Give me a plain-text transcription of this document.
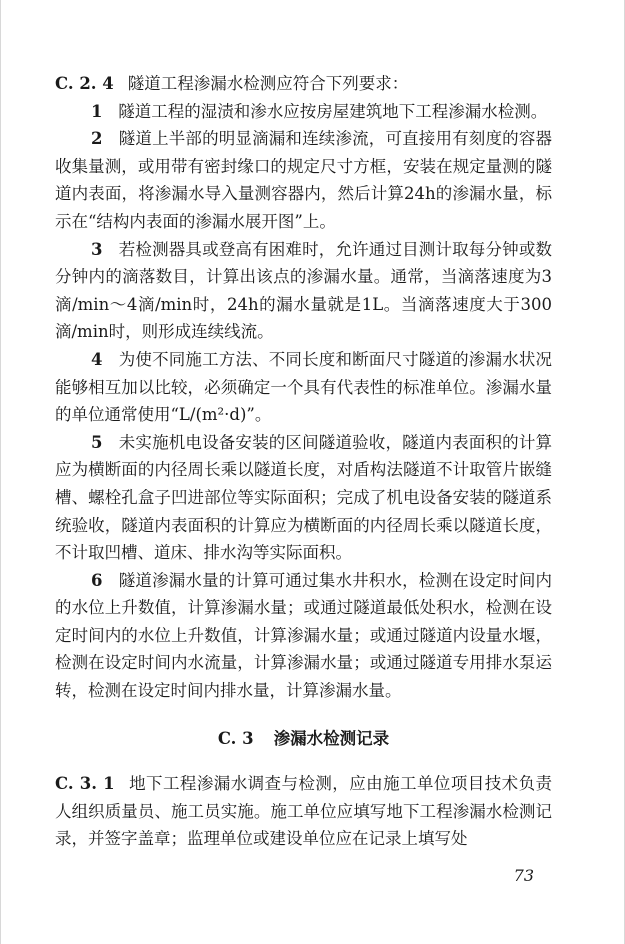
C. 2. 4 隧道工程渗漏水检测应符合下列要求：

1 隧道工程的湿渍和渗水应按房屋建筑地下工程渗漏水检测。

2 隧道上半部的明显滴漏和连续渗流，可直接用有刻度的容器收集量测，或用带有密封缘口的规定尺寸方框，安装在规定量测的隧道内表面，将渗漏水导入量测容器内，然后计算24h的渗漏水量，标示在“结构内表面的渗漏水展开图”上。

3 若检测器具或登高有困难时，允许通过目测计取每分钟或数分钟内的滴落数目，计算出该点的渗漏水量。通常，当滴落速度为3滴/min～4滴/min时，24h的漏水量就是1L。当滴落速度大于300滴/min时，则形成连续线流。

4 为使不同施工方法、不同长度和断面尺寸隧道的渗漏水状况能够相互加以比较，必须确定一个具有代表性的标准单位。渗漏水量的单位通常使用“L/(m²·d)”。

5 未实施机电设备安装的区间隧道验收，隧道内表面积的计算应为横断面的内径周长乘以隧道长度，对盾构法隧道不计取管片嵌缝槽、螺栓孔盒子凹进部位等实际面积；完成了机电设备安装的隧道系统验收，隧道内表面积的计算应为横断面的内径周长乘以隧道长度，不计取凹槽、道床、排水沟等实际面积。

6 隧道渗漏水量的计算可通过集水井积水，检测在设定时间内的水位上升数值，计算渗漏水量；或通过隧道最低处积水，检测在设定时间内的水位上升数值，计算渗漏水量；或通过隧道内设量水堰，检测在设定时间内水流量，计算渗漏水量；或通过隧道专用排水泵运转，检测在设定时间内排水量，计算渗漏水量。

C. 3 渗漏水检测记录

C. 3. 1 地下工程渗漏水调查与检测，应由施工单位项目技术负责人组织质量员、施工员实施。施工单位应填写地下工程渗漏水检测记录，并签字盖章；监理单位或建设单位应在记录上填写处

73
